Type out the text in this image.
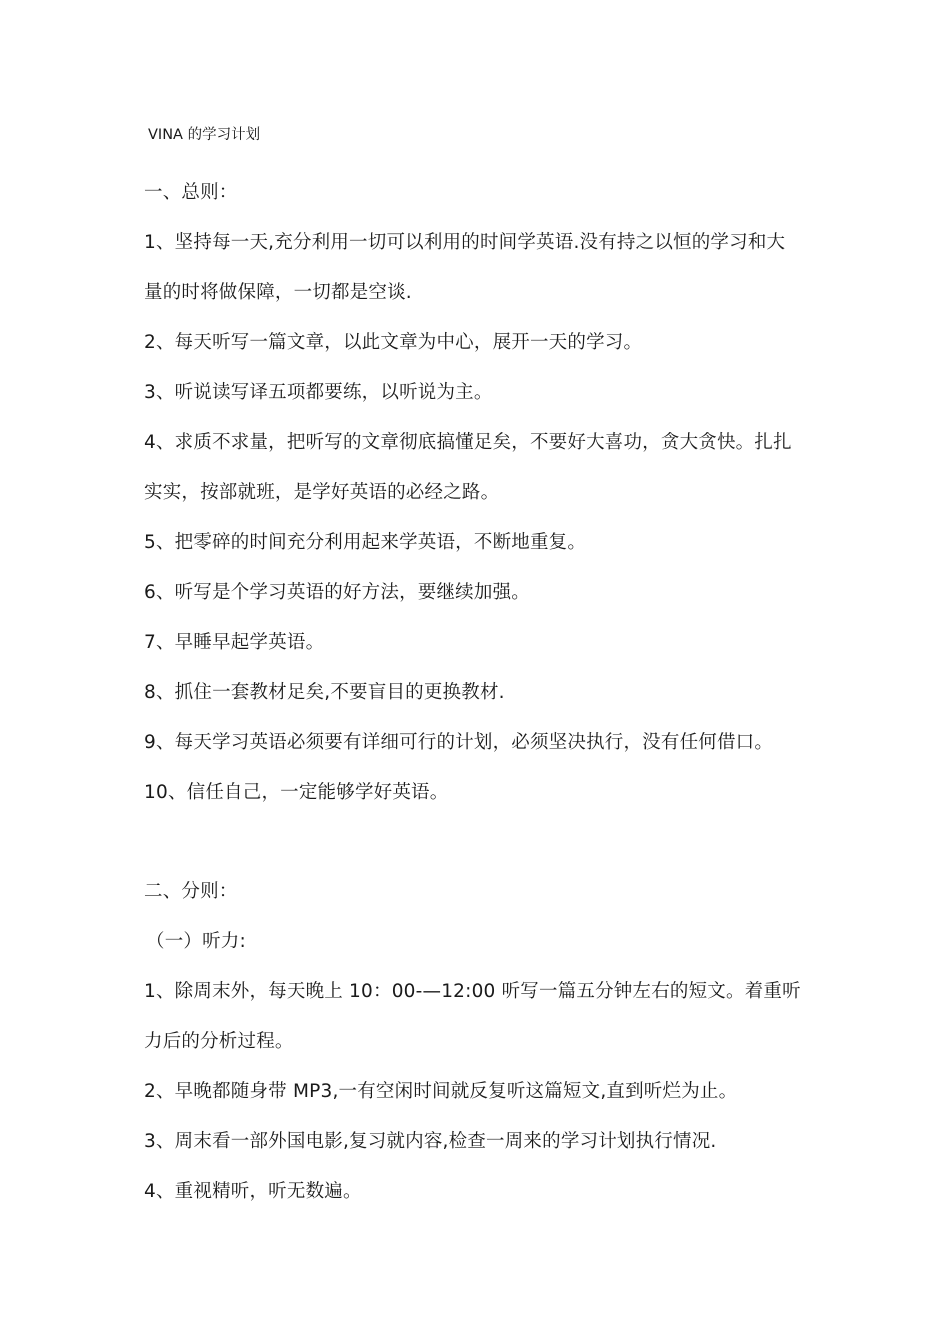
VINA 的学习计划
一、总则：
1、坚持每一天,充分利用一切可以利用的时间学英语.没有持之以恒的学习和大
量的时将做保障，一切都是空谈.
2、每天听写一篇文章，以此文章为中心，展开一天的学习。
3、听说读写译五项都要练，以听说为主。
4、求质不求量，把听写的文章彻底搞懂足矣，不要好大喜功，贪大贪快。扎扎
实实，按部就班，是学好英语的必经之路。
5、把零碎的时间充分利用起来学英语，不断地重复。
6、听写是个学习英语的好方法，要继续加强。
7、早睡早起学英语。
8、抓住一套教材足矣,不要盲目的更换教材.
9、每天学习英语必须要有详细可行的计划，必须坚决执行，没有任何借口。
10、信任自己，一定能够学好英语。
二、分则：
（一）听力:
1、除周末外，每天晚上 10：00-—12:00 听写一篇五分钟左右的短文。着重听
力后的分析过程。
2、早晚都随身带 MP3,一有空闲时间就反复听这篇短文,直到听烂为止。
3、周末看一部外国电影,复习就内容,检查一周来的学习计划执行情况.
4、重视精听，听无数遍。
